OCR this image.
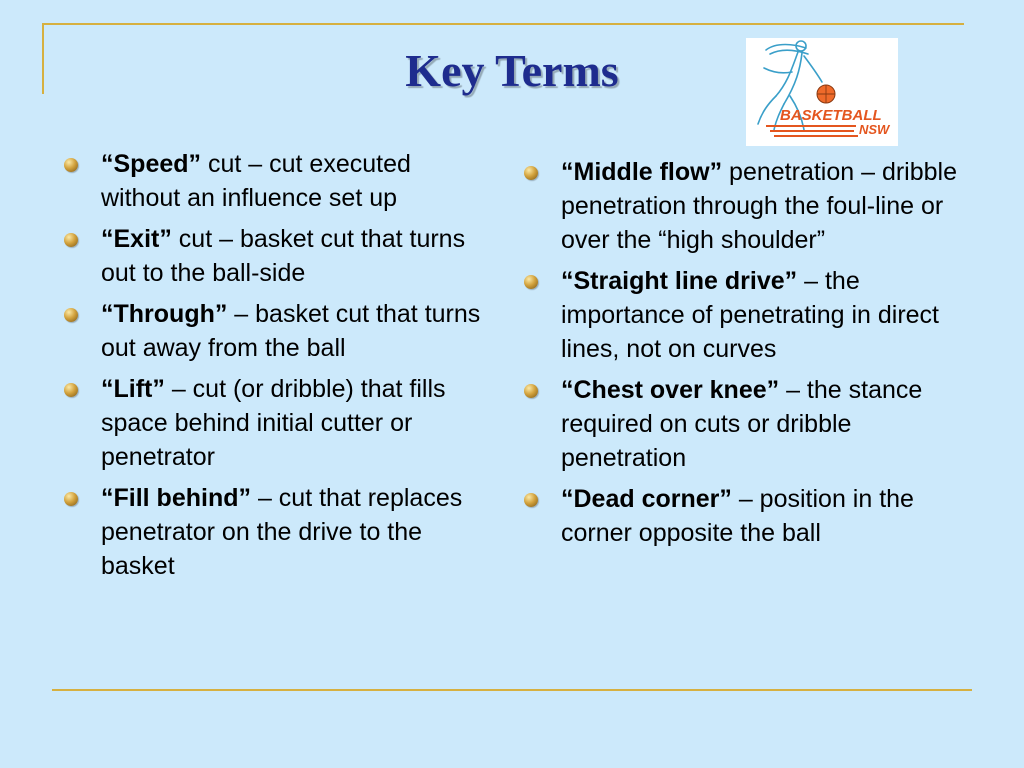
Key Terms
BASKETBALL
NSW
“Speed” cut – cut executed without an influence set up
“Exit” cut – basket cut that turns out to the ball-side
“Through” – basket cut that turns out away from the ball
“Lift” – cut (or dribble) that fills space behind initial cutter or penetrator
“Fill behind” – cut that replaces penetrator on the drive to the basket
“Middle flow” penetration – dribble penetration through the foul-line or over the “high shoulder”
“Straight line drive” – the importance of penetrating in direct lines, not on curves
“Chest over knee” – the stance required on cuts or dribble penetration
“Dead corner” – position in the corner opposite the ball
